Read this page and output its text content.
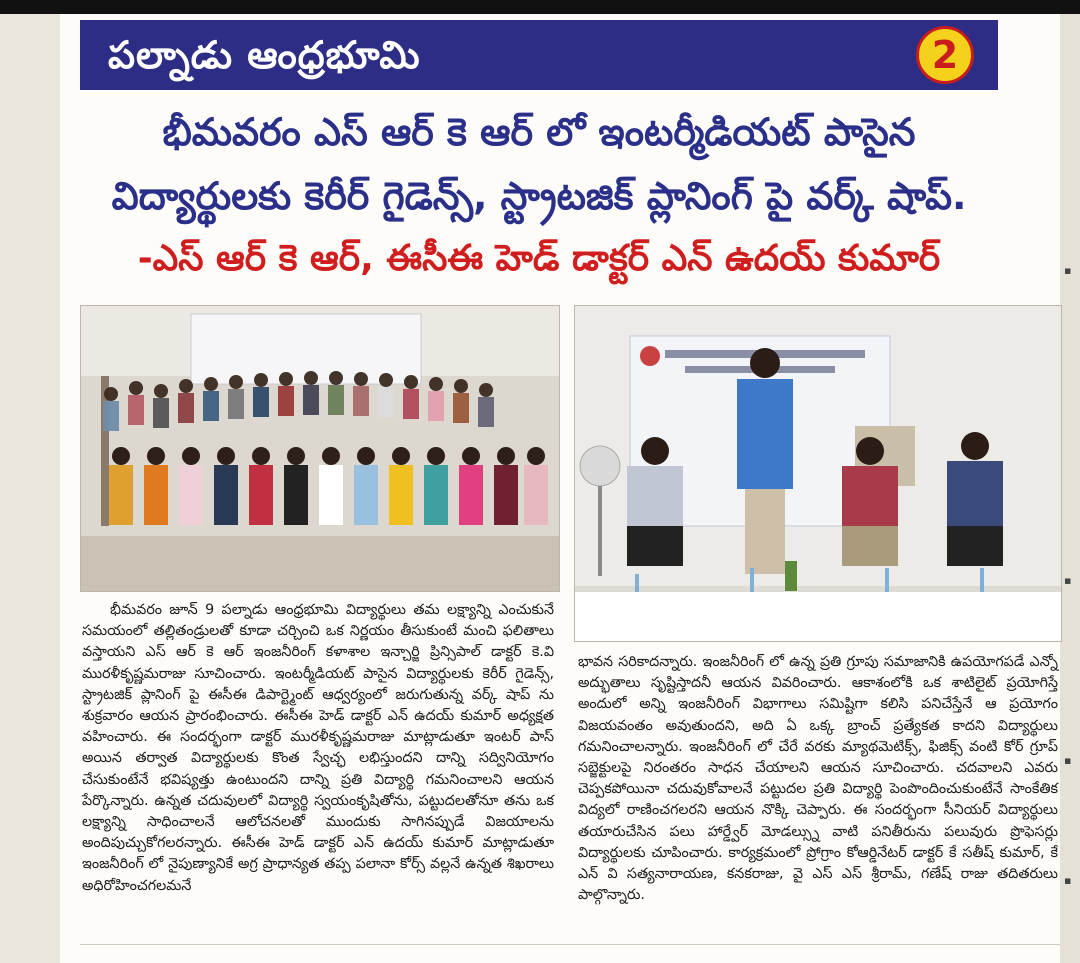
▪
▪
▪
▪
పల్నాడు ఆంధ్రభూమి	2
భీమవరం ఎస్ ఆర్ కె ఆర్ లో ఇంటర్మీడియట్ పాసైన
విద్యార్థులకు కెరీర్ గైడెన్స్, స్ట్రాటజిక్ ప్లానింగ్ పై వర్క్ షాప్.
-ఎస్ ఆర్ కె ఆర్, ఈసీఈ హెడ్ డాక్టర్ ఎన్ ఉదయ్ కుమార్
భీమవరం జూన్ 9 పల్నాడు ఆంధ్రభూమి విద్యార్థులు తమ లక్ష్యాన్ని ఎంచుకునే సమయంలో తల్లితండ్రులతో కూడా చర్చించి ఒక నిర్ణయం తీసుకుంటే మంచి ఫలితాలు వస్తాయని ఎస్ ఆర్ కె ఆర్ ఇంజనీరింగ్ కళాశాల ఇన్చార్జి ప్రిన్సిపాల్ డాక్టర్ కె.వి మురళీకృష్ణమరాజు సూచించారు. ఇంటర్మీడియట్ పాసైన విద్యార్థులకు కెరీర్ గైడెన్స్, స్ట్రాటజిక్ ప్లానింగ్ పై ఈసీఈ డిపార్ట్మెంట్ ఆధ్వర్యంలో జరుగుతున్న వర్క్ షాప్ ను శుక్రవారం ఆయన ప్రారంభించారు. ఈసీఈ హెడ్ డాక్టర్ ఎన్ ఉదయ్ కుమార్ అధ్యక్షత వహించారు. ఈ సందర్భంగా డాక్టర్ మురళీకృష్ణమరాజు మాట్లాడుతూ ఇంటర్ పాస్ అయిన తర్వాత విద్యార్థులకు కొంత స్వేచ్ఛ లభిస్తుందని దాన్ని సద్వినియోగం చేసుకుంటేనే భవిష్యత్తు ఉంటుందని దాన్ని ప్రతి విద్యార్థి గమనించాలని ఆయన పేర్కొన్నారు. ఉన్నత చదువులలో విద్యార్థి స్వయంకృషితోను, పట్టుదలతోనూ తను ఒక లక్ష్యాన్ని సాధించాలనే ఆలోచనలతో ముందుకు సాగినప్పుడే విజయాలను అందిపుచ్చుకోగలరన్నారు. ఈసీఈ హెడ్ డాక్టర్ ఎన్ ఉదయ్ కుమార్ మాట్లాడుతూ ఇంజనీరింగ్ లో నైపుణ్యానికే అగ్ర ప్రాధాన్యత తప్ప పలానా కోర్స్ వల్లనే ఉన్నత శిఖరాలు అధిరోహించగలమనే
భావన సరికాదన్నారు. ఇంజనీరింగ్ లో ఉన్న ప్రతి గ్రూపు సమాజానికి ఉపయోగపడే ఎన్నో అద్భుతాలు సృష్టిస్తాదనీ ఆయన వివరించారు. ఆకాశంలోకి ఒక శాటిలైట్ ప్రయోగిస్తే అందులో అన్ని ఇంజనీరింగ్ విభాగాలు సమిష్టిగా కలిసి పనిచేస్తేనే ఆ ప్రయోగం విజయవంతం అవుతుందని, అది ఏ ఒక్క బ్రాంచ్ ప్రత్యేకత కాదని విద్యార్థులు గమనించాలన్నారు. ఇంజనీరింగ్ లో చేరే వరకు మ్యాథమెటిక్స్, ఫిజిక్స్ వంటి కోర్ గ్రూప్ సబ్జెక్టులపై నిరంతరం సాధన చేయాలని ఆయన సూచించారు. చదవాలని ఎవరు చెప్పకపోయినా చదువుకోవాలనే పట్టుదల ప్రతి విద్యార్థి పెంపొందించుకుంటేనే సాంకేతిక విద్యలో రాణించగలరని ఆయన నొక్కి చెప్పారు. ఈ సందర్భంగా సీనియర్ విద్యార్థులు తయారుచేసిన పలు హార్డ్వేర్ మోడల్స్ను వాటి పనితీరును పలువురు ప్రొఫెసర్లు విద్యార్థులకు చూపించారు. కార్యక్రమంలో ప్రోగ్రాం కోఆర్డినేటర్ డాక్టర్ కే సతీష్ కుమార్, కే ఎన్ వి సత్యనారాయణ, కనకరాజు, వై ఎస్ ఎస్ శ్రీరామ్, గణేష్ రాజు తదితరులు పాల్గొన్నారు.
